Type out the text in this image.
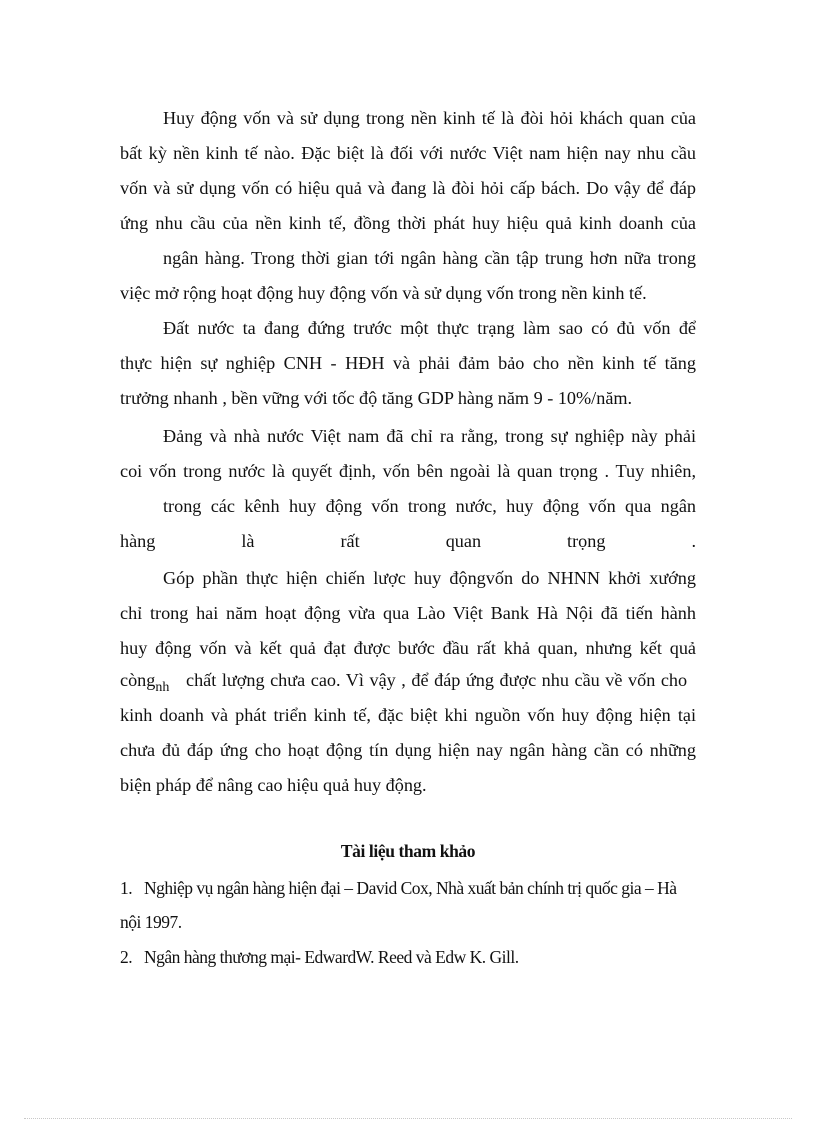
Huy động vốn và sử dụng trong nền kinh tế là đòi hỏi khách quan của
bất kỳ nền kinh tế nào. Đặc biệt là đối với nước Việt nam hiện nay nhu cầu
vốn và sử dụng vốn có hiệu quả và đang là đòi hỏi cấp bách. Do vậy để đáp
ứng nhu cầu của nền kinh tế, đồng thời phát huy hiệu quả kinh doanh của
ngân hàng. Trong thời gian tới ngân hàng cần tập trung hơn nữa trong
việc mở rộng hoạt động huy động vốn và sử dụng vốn trong nền kinh tế.
Đất nước ta đang đứng trước một thực trạng làm sao có đủ vốn để
thực hiện sự nghiệp CNH - HĐH và phải đảm bảo cho nền kinh tế tăng
trưởng nhanh , bền vững với tốc độ tăng GDP hàng năm 9 - 10%/năm.
Đảng và nhà nước Việt nam đã chỉ ra rằng, trong sự nghiệp này phải
coi vốn trong nước là quyết định, vốn bên ngoài là quan trọng . Tuy nhiên,
trong các kênh huy động vốn trong nước, huy động vốn qua ngân
hàng là rất quan trọng .
Góp phần thực hiện chiến lược huy độngvốn do NHNN khởi xướng
chỉ trong hai năm hoạt động vừa qua Lào Việt Bank Hà Nội đã tiến hành
huy động vốn và kết quả đạt được bước đầu rất khả quan, nhưng kết quả
còng$_{nh}$ chất lượng chưa cao. Vì vậy , để đáp ứng được nhu cầu về vốn cho
kinh doanh và phát triển kinh tế, đặc biệt khi nguồn vốn huy động hiện tại
chưa đủ đáp ứng cho hoạt động tín dụng hiện nay ngân hàng cần có những
biện pháp để nâng cao hiệu quả huy động.
Tài liệu tham khảo
1. Nghiệp vụ ngân hàng hiện đại – David Cox, Nhà xuất bản chính trị quốc gia – Hà
nội 1997.
2. Ngân hàng thương mại- EdwardW. Reed và Edw K. Gill.
